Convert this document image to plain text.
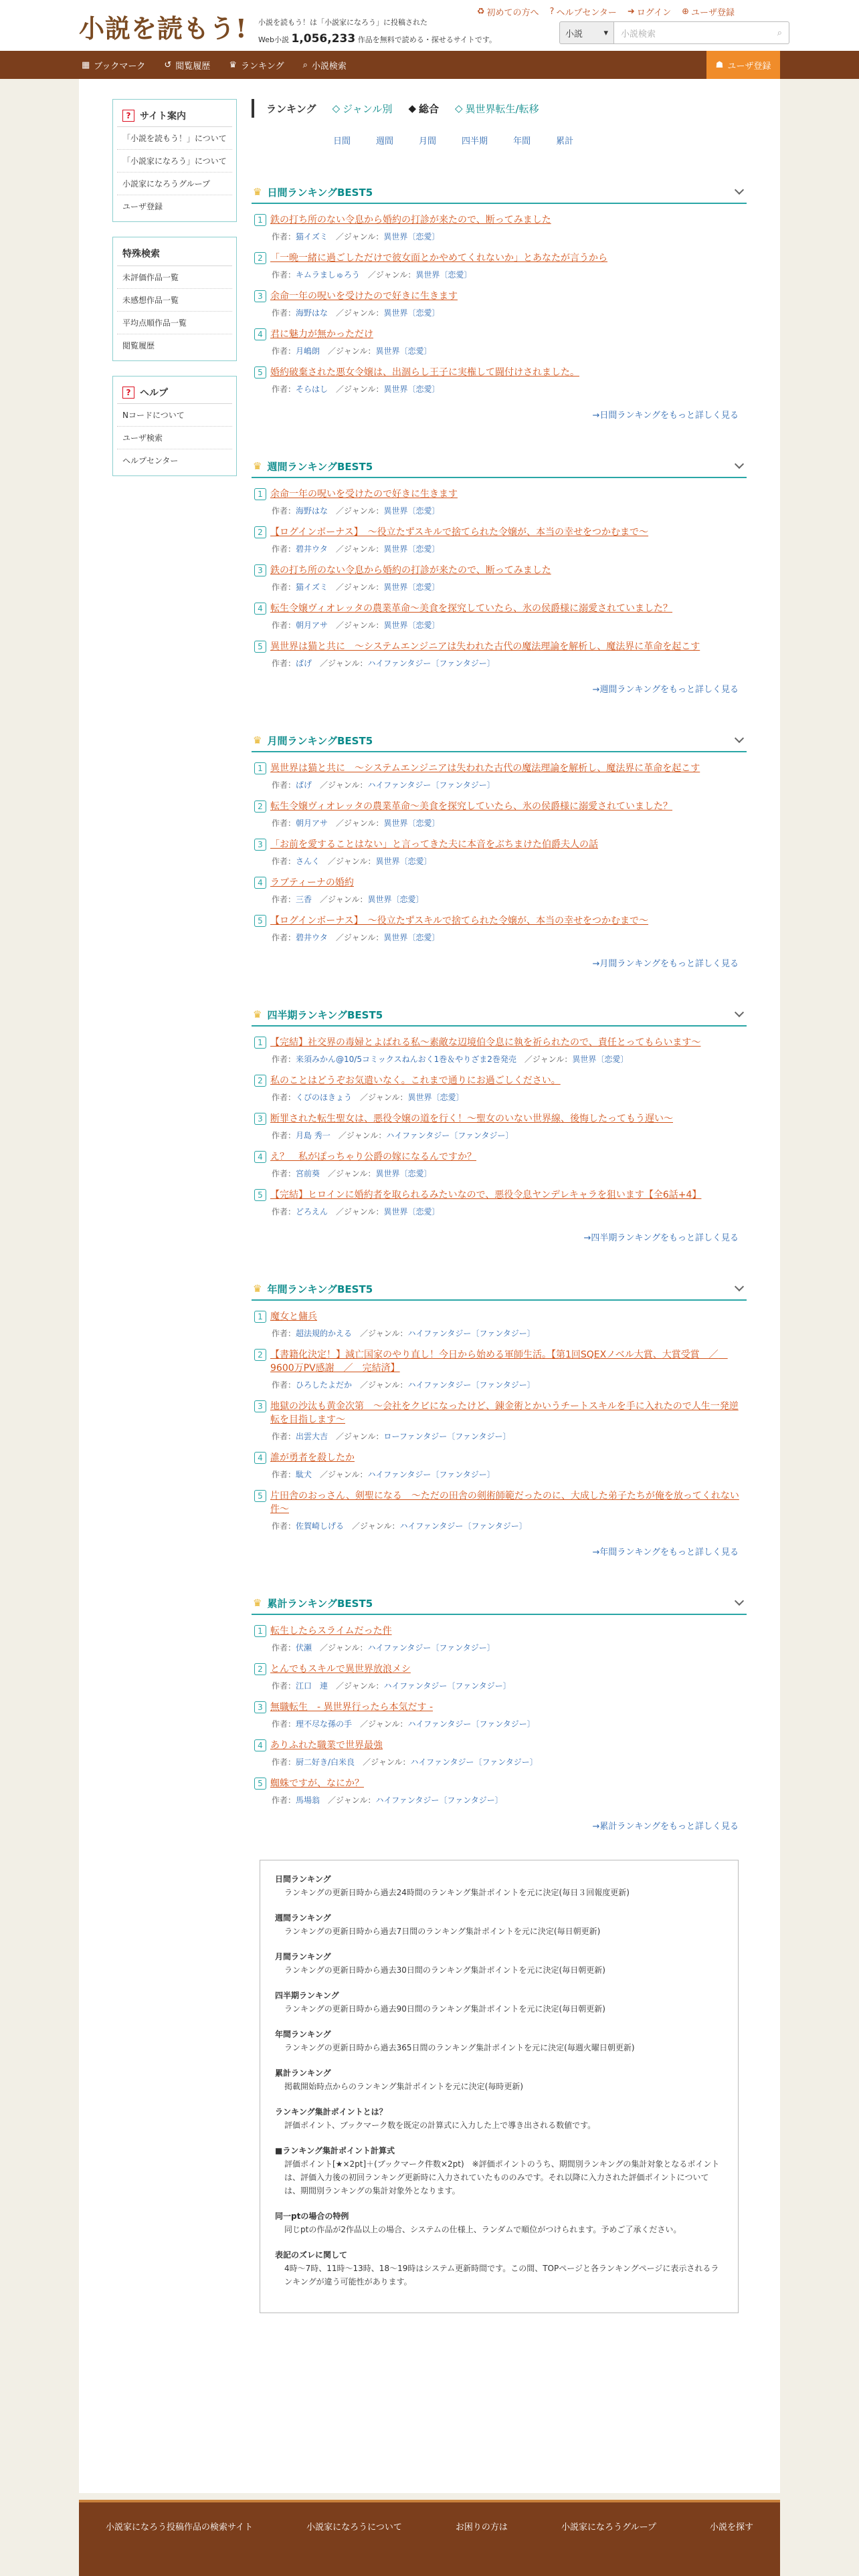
小説を読もう! 小説を読もう！は「小説家になろう」に投稿された
Web小説 1,056,233 作品を無料で読める・探せるサイトです。
♻ 初めての方へ ? ヘルプセンター ➜ ログイン ⊕ ユーザ登録
小説 ▾ 小説検索	⌕
▦ ブックマーク ↺ 閲覧履歴 ♛ ランキング ⌕ 小説検索	☗ ユーザ登録
? サイト案内
「小説を読もう！」について
「小説家になろう」について
小説家になろうグループ
ユーザ登録
特殊検索
未評価作品一覧
未感想作品一覧
平均点順作品一覧
閲覧履歴
? ヘルプ
Nコードについて
ユーザ検索
ヘルプセンター
ランキング ◇ ジャンル別 ◆ 総合 ◇ 異世界転生/転移
日間	週間	月間	四半期	年間	累計
♛ 日間ランキングBEST5
1 鉄の打ち所のない令息から婚約の打診が来たので、断ってみました
作者：猫イズミ　／ジャンル：異世界〔恋愛〕
2 「一晩一緒に過ごしただけで彼女面とかやめてくれないか」とあなたが言うから
作者：キムラましゅろう　／ジャンル：異世界〔恋愛〕
3 余命一年の呪いを受けたので好きに生きます
作者：海野はな　／ジャンル：異世界〔恋愛〕
4 君に魅力が無かっただけ
作者：月嶋朗　／ジャンル：異世界〔恋愛〕
5 婚約破棄された悪女令嬢は、出涸らし王子に実権して闘付けされました。
作者：そらはし　／ジャンル：異世界〔恋愛〕
→日間ランキングをもっと詳しく見る
♛ 週間ランキングBEST5
1 余命一年の呪いを受けたので好きに生きます
作者：海野はな　／ジャンル：異世界〔恋愛〕
2 【ログインボーナス】　～役立たずスキルで捨てられた令嬢が、本当の幸せをつかむまで～
作者：碧井ウタ　／ジャンル：異世界〔恋愛〕
3 鉄の打ち所のない令息から婚約の打診が来たので、断ってみました
作者：猫イズミ　／ジャンル：異世界〔恋愛〕
4 転生令嬢ヴィオレッタの農業革命～美食を探究していたら、氷の侯爵様に溺愛されていました？
作者：朝月アサ　／ジャンル：異世界〔恋愛〕
5 異世界は猫と共に　～システムエンジニアは失われた古代の魔法理論を解析し、魔法界に革命を起こす
作者：ぱげ　／ジャンル：ハイファンタジー〔ファンタジー〕
→週間ランキングをもっと詳しく見る
♛ 月間ランキングBEST5
1 異世界は猫と共に　～システムエンジニアは失われた古代の魔法理論を解析し、魔法界に革命を起こす
作者：ぱげ　／ジャンル：ハイファンタジー〔ファンタジー〕
2 転生令嬢ヴィオレッタの農業革命～美食を探究していたら、氷の侯爵様に溺愛されていました？
作者：朝月アサ　／ジャンル：異世界〔恋愛〕
3 「お前を愛することはない」と言ってきた夫に本音をぶちまけた伯爵夫人の話
作者：さんく　／ジャンル：異世界〔恋愛〕
4 ラブティーナの婚約
作者：三香　／ジャンル：異世界〔恋愛〕
5 【ログインボーナス】　～役立たずスキルで捨てられた令嬢が、本当の幸せをつかむまで～
作者：碧井ウタ　／ジャンル：異世界〔恋愛〕
→月間ランキングをもっと詳しく見る
♛ 四半期ランキングBEST5
1 【完結】社交界の毒婦とよばれる私～素敵な辺境伯令息に執を祈られたので、責任とってもらいます～
作者：来須みかん@10/5コミックスねんおく1巻＆やりざま2巻発売　／ジャンル：異世界〔恋愛〕
2 私のことはどうぞお気遣いなく。これまで通りにお過ごしください。
作者：くびのほきょう　／ジャンル：異世界〔恋愛〕
3 断罪された転生聖女は、悪役令嬢の道を行く！～聖女のいない世界線、後悔したってもう遅い～
作者：月島 秀一　／ジャンル：ハイファンタジー〔ファンタジー〕
4 え？　私がぽっちゃり公爵の嫁になるんですか？
作者：宮前葵　／ジャンル：異世界〔恋愛〕
5 【完結】ヒロインに婚約者を取られるみたいなので、悪役令息ヤンデレキャラを狙います【全6話+4】
作者：どろえん　／ジャンル：異世界〔恋愛〕
→四半期ランキングをもっと詳しく見る
♛ 年間ランキングBEST5
1 魔女と傭兵
作者：超法規的かえる　／ジャンル：ハイファンタジー〔ファンタジー〕
2 【書籍化決定！】減亡国家のやり直し！今日から始める軍師生活。【第1回SQEXノベル大賞、大賞受賞　／　9600万PV感謝　／　完結済】
作者：ひろしたよだか　／ジャンル：ハイファンタジー〔ファンタジー〕
3 地獄の沙汰も黄金次第　～会社をクビになったけど、錬金術とかいうチートスキルを手に入れたので人生一発逆転を目指します～
作者：出雲大吉　／ジャンル：ローファンタジー〔ファンタジー〕
4 誰が勇者を殺したか
作者：駄犬　／ジャンル：ハイファンタジー〔ファンタジー〕
5 片田舎のおっさん、剣聖になる　～ただの田舎の剣術師範だったのに、大成した弟子たちが俺を放ってくれない件～
作者：佐賀崎しげる　／ジャンル：ハイファンタジー〔ファンタジー〕
→年間ランキングをもっと詳しく見る
♛ 累計ランキングBEST5
1 転生したらスライムだった件
作者：伏瀬　／ジャンル：ハイファンタジー〔ファンタジー〕
2 とんでもスキルで異世界放浪メシ
作者：江口　連　／ジャンル：ハイファンタジー〔ファンタジー〕
3 無職転生　- 異世界行ったら本気だす -
作者：理不尽な孫の手　／ジャンル：ハイファンタジー〔ファンタジー〕
4 ありふれた職業で世界最強
作者：厨二好き/白米良　／ジャンル：ハイファンタジー〔ファンタジー〕
5 蜘蛛ですが、なにか？
作者：馬場翁　／ジャンル：ハイファンタジー〔ファンタジー〕
→累計ランキングをもっと詳しく見る
日間ランキング
ランキングの更新日時から過去24時間のランキング集計ポイントを元に決定(毎日３回報度更新)
週間ランキング
ランキングの更新日時から過去7日間のランキング集計ポイントを元に決定(毎日朝更新)
月間ランキング
ランキングの更新日時から過去30日間のランキング集計ポイントを元に決定(毎日朝更新)
四半期ランキング
ランキングの更新日時から過去90日間のランキング集計ポイントを元に決定(毎日朝更新)
年間ランキング
ランキングの更新日時から過去365日間のランキング集計ポイントを元に決定(毎週火曜日朝更新)
累計ランキング
掲載開始時点からのランキング集計ポイントを元に決定(毎時更新)
ランキング集計ポイントとは？
評価ポイント、ブックマーク数を既定の計算式に入力した上で導き出される数値です。
■ランキング集計ポイント計算式
評価ポイント[★×2pt]＋(ブックマーク件数×2pt)　※評価ポイントのうち、期間別ランキングの集計対象となるポイントは、評価入力後の初回ランキング更新時に入力されていたもののみです。それ以降に入力された評価ポイントについては、期間別ランキングの集計対象外となります。
同一ptの場合の特例
同じptの作品が2作品以上の場合、システムの仕様上、ランダムで順位がつけられます。予めご了承ください。
表記のズレに関して
4時〜7時、11時〜13時、18〜19時はシステム更新時間です。この間、TOPページと各ランキングページに表示されるランキングが違う可能性があります。
小説家になろう投稿作品の検索サイト	小説家になろうについて	お困りの方は	小説家になろうグループ	小説を探す
